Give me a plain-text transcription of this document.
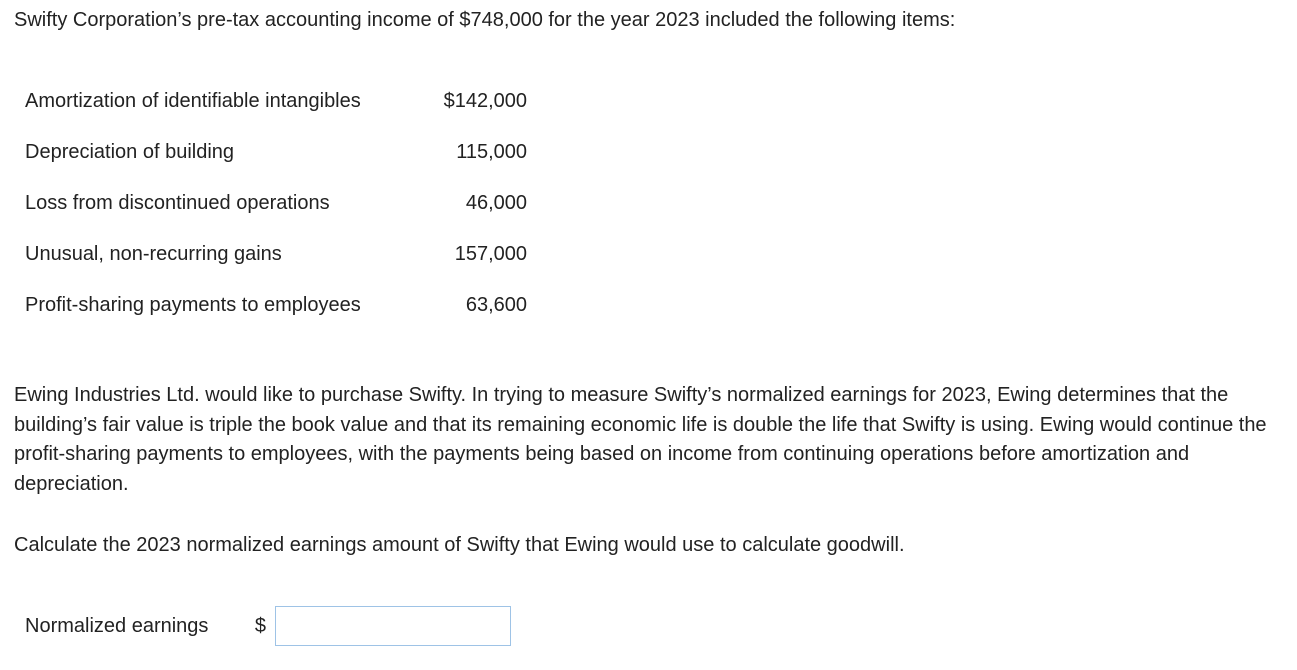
Swifty Corporation’s pre-tax accounting income of $748,000 for the year 2023 included the following items:

Amortization of identifiable intangibles	$142,000
Depreciation of building	115,000
Loss from discontinued operations	46,000
Unusual, non-recurring gains	157,000
Profit-sharing payments to employees	63,600

Ewing Industries Ltd. would like to purchase Swifty. In trying to measure Swifty’s normalized earnings for 2023, Ewing determines that the building’s fair value is triple the book value and that its remaining economic life is double the life that Swifty is using. Ewing would continue the profit-sharing payments to employees, with the payments being based on income from continuing operations before amortization and depreciation.

Calculate the 2023 normalized earnings amount of Swifty that Ewing would use to calculate goodwill.

Normalized earnings $
